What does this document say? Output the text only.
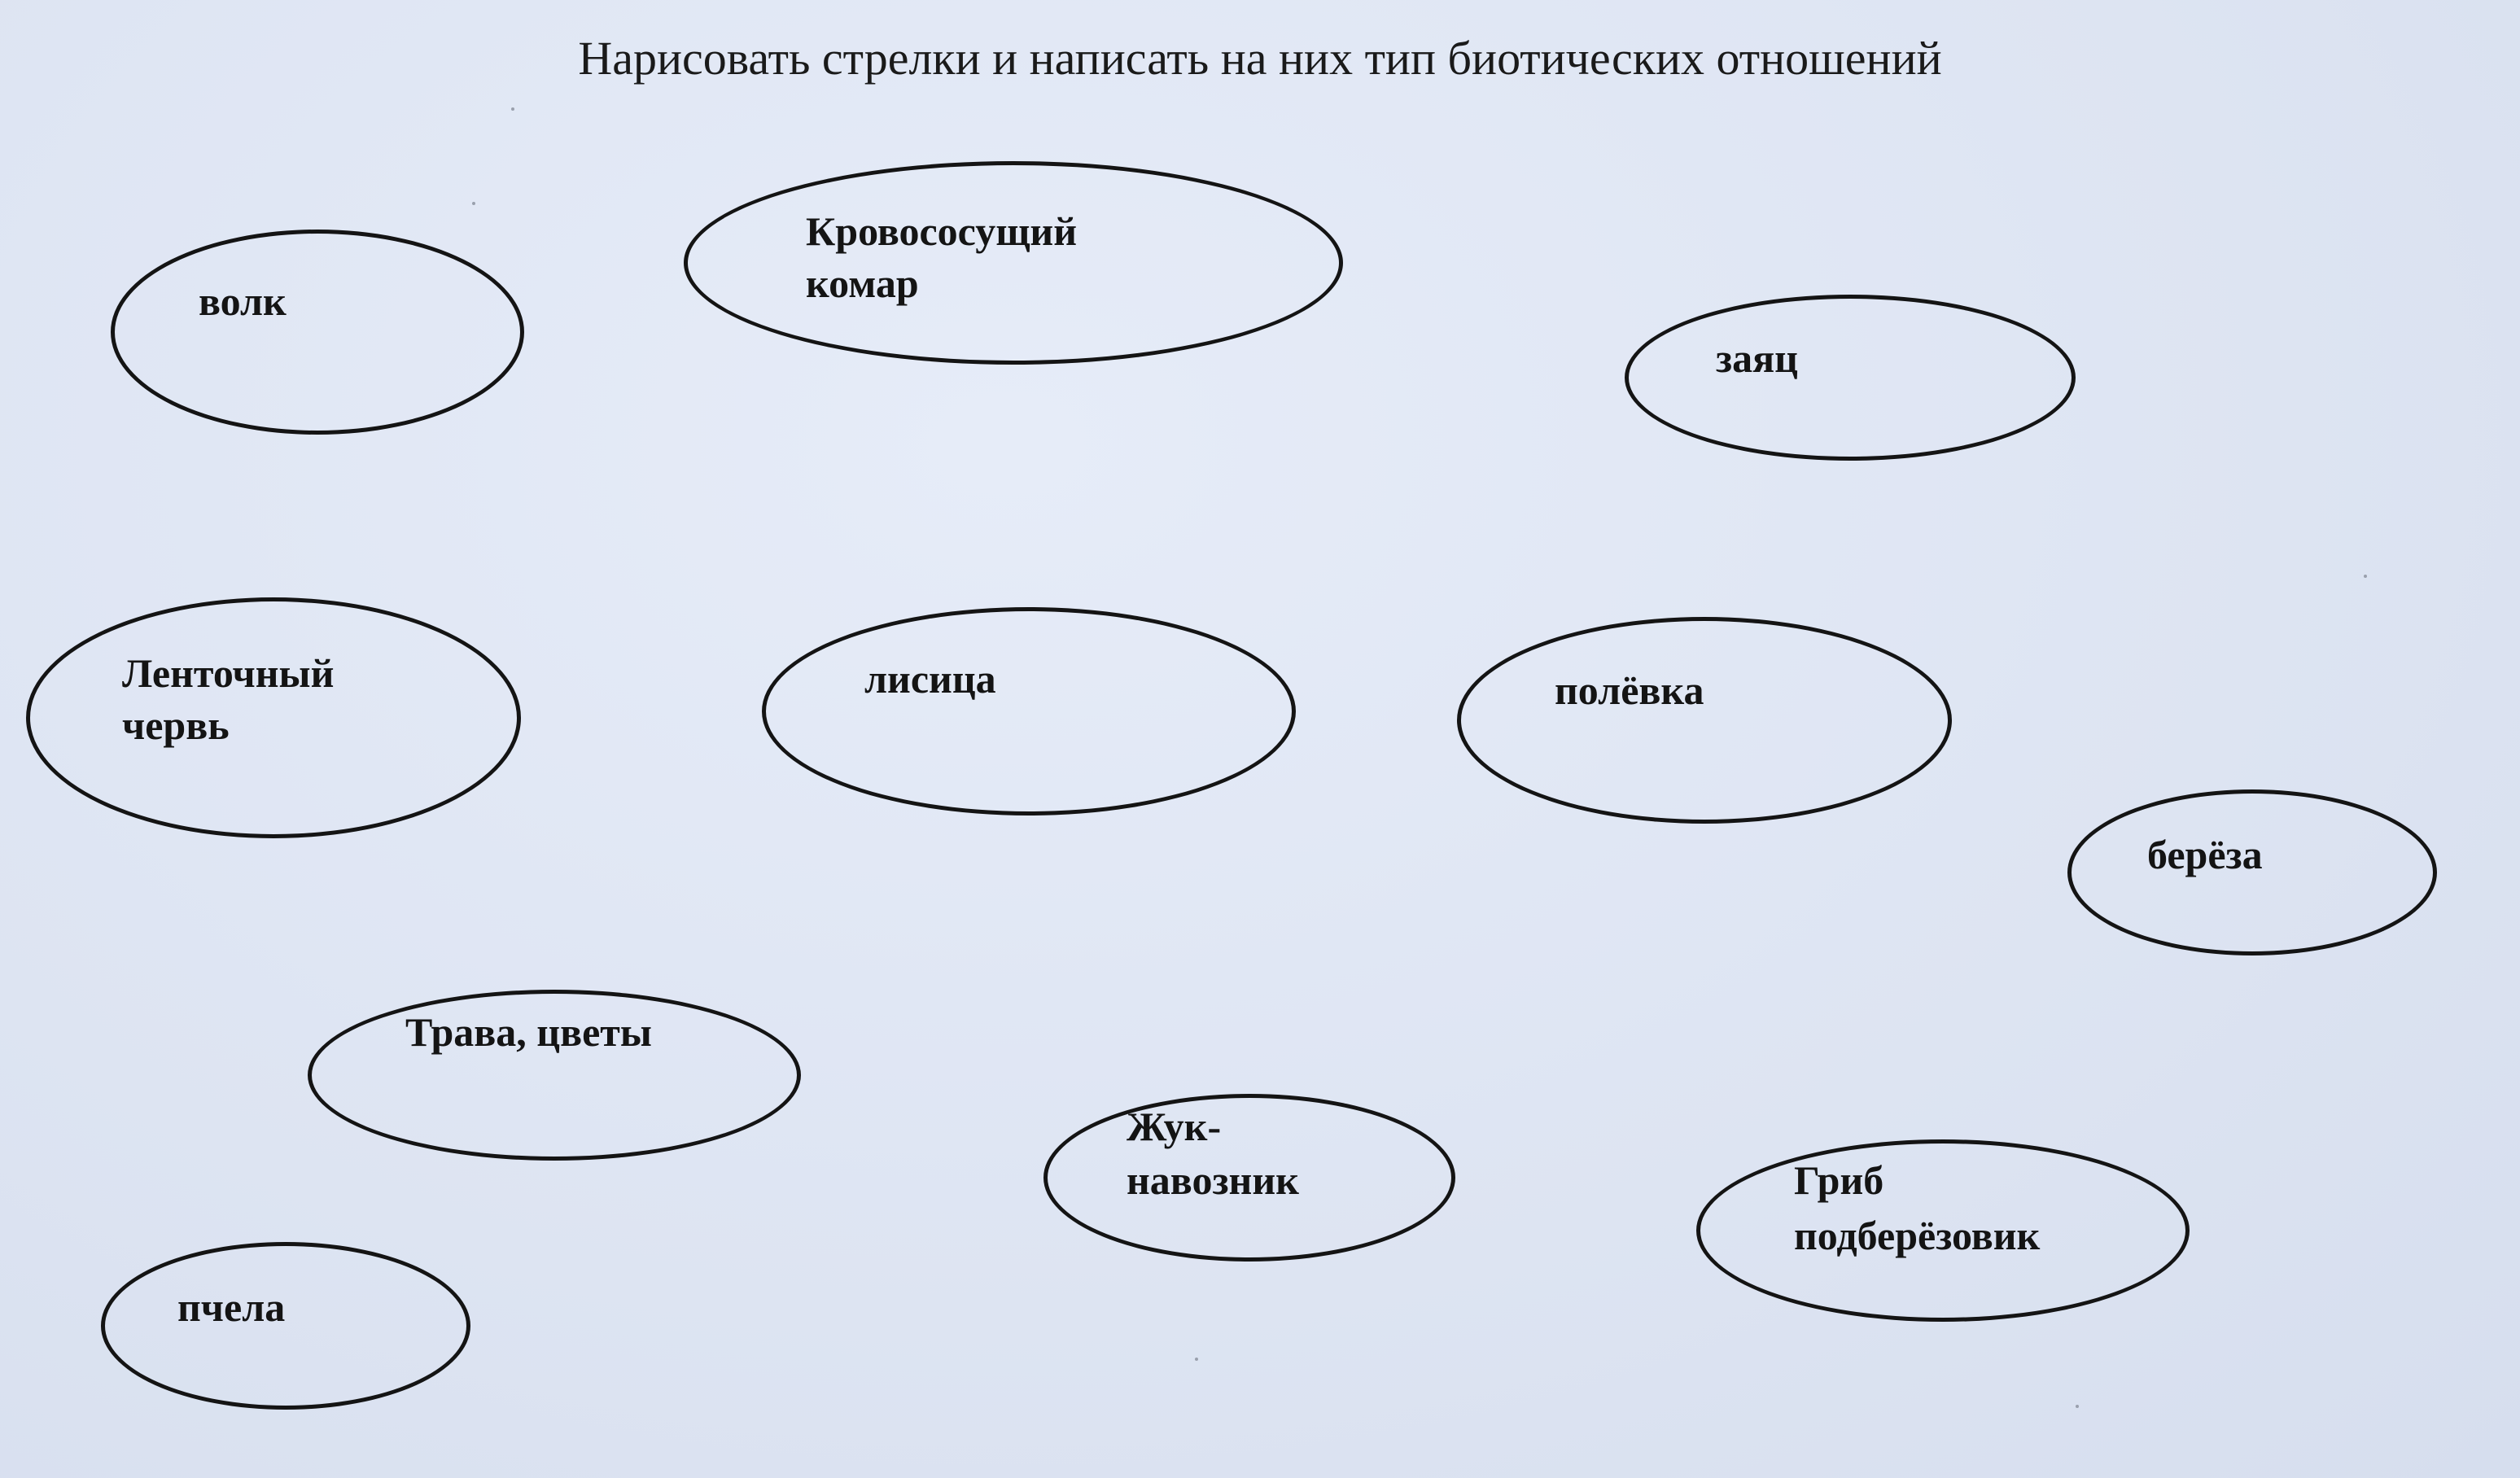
Нарисовать стрелки и написать на них тип биотических отношений
волк
Кровососущий
комар
заяц
Ленточный
червь
лисица	полёвка
берёза
Трава, цветы
Жук-
навозник	Гриб
подберёзовик
пчела
